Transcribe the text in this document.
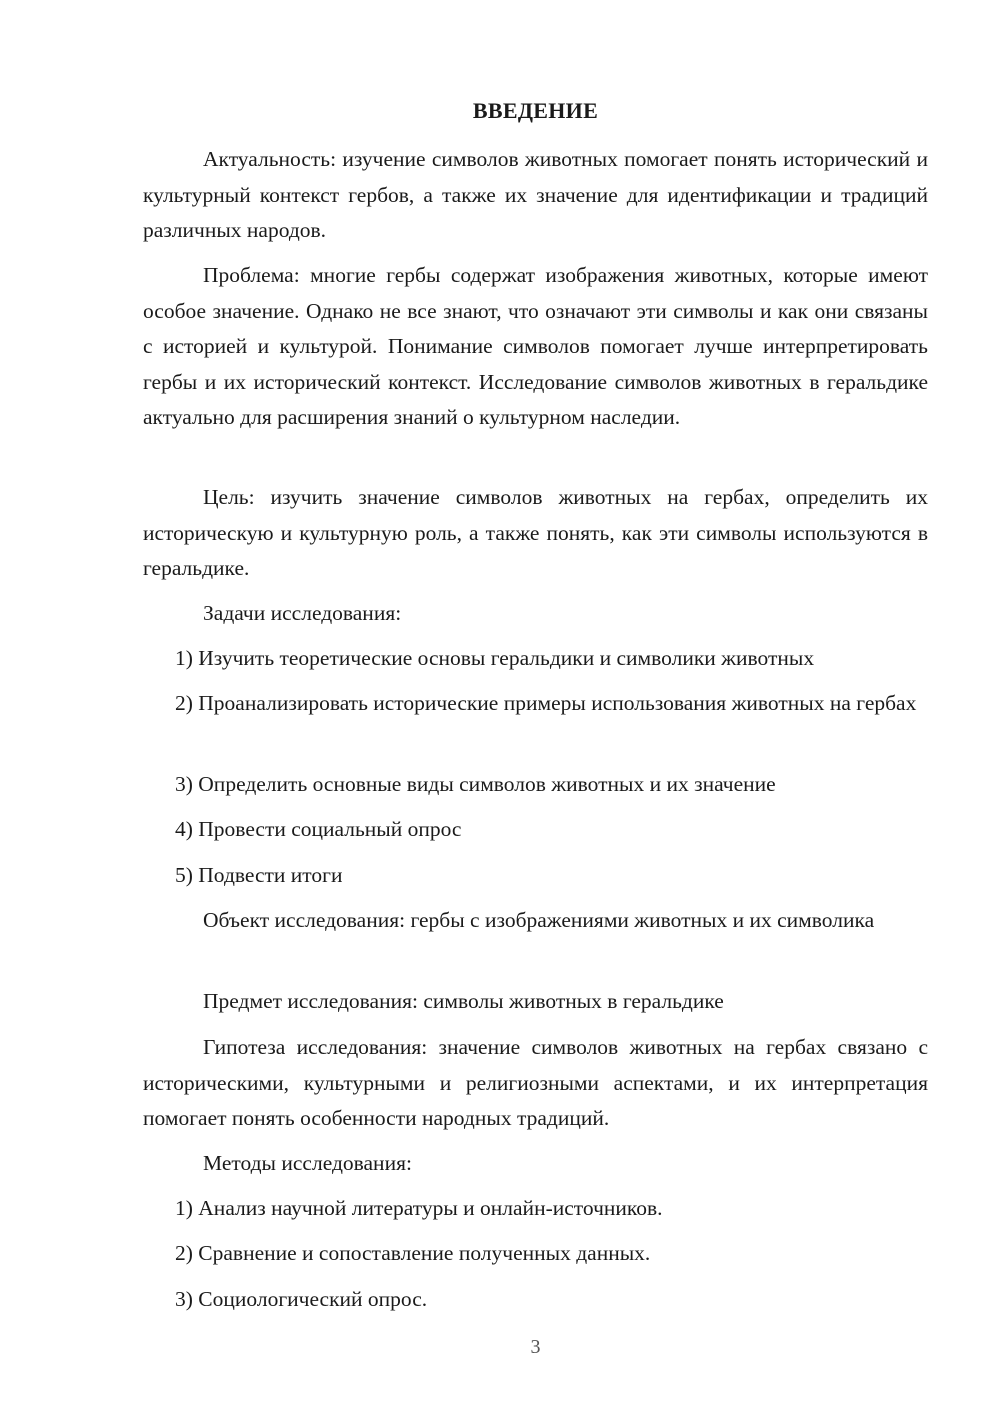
ВВЕДЕНИЕ

Актуальность: изучение символов животных помогает понять исторический и культурный контекст гербов, а также их значение для идентификации и традиций различных народов.

Проблема: многие гербы содержат изображения животных, которые имеют особое значение. Однако не все знают, что означают эти символы и как они связаны с историей и культурой. Понимание символов помогает лучше интерпретировать гербы и их исторический контекст. Исследование символов животных в геральдике актуально для расширения знаний о культурном наследии.

Цель: изучить значение символов животных на гербах, определить их историческую и культурную роль, а также понять, как эти символы используются в геральдике.

Задачи исследования:

1) Изучить теоретические основы геральдики и символики животных

2) Проанализировать исторические примеры использования животных на гербах

3) Определить основные виды символов животных и их значение

4) Провести социальный опрос

5) Подвести итоги

Объект исследования: гербы с изображениями животных и их символика

Предмет исследования: символы животных в геральдике

Гипотеза исследования: значение символов животных на гербах связано с историческими, культурными и религиозными аспектами, и их интерпретация помогает понять особенности народных традиций.

Методы исследования:

1) Анализ научной литературы и онлайн-источников.

2) Сравнение и сопоставление полученных данных.

3) Социологический опрос.

3
